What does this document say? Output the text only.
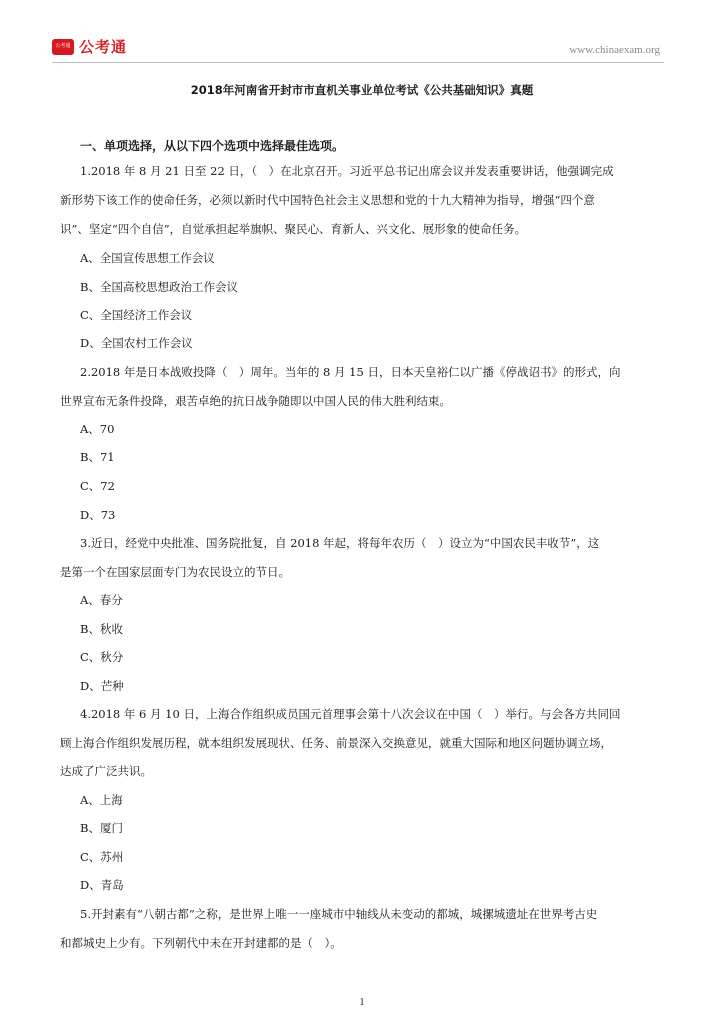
公考通 公考通	www.chinaexam.org
2018年河南省开封市市直机关事业单位考试《公共基础知识》真题
一、单项选择，从以下四个选项中选择最佳选项。
1.2018 年 8 月 21 日至 22 日，（　）在北京召开。习近平总书记出席会议并发表重要讲话，他强调完成
新形势下该工作的使命任务，必须以新时代中国特色社会主义思想和党的十九大精神为指导，增强“四个意
识”、坚定“四个自信”，自觉承担起举旗帜、聚民心、育新人、兴文化、展形象的使命任务。
A、全国宣传思想工作会议
B、全国高校思想政治工作会议
C、全国经济工作会议
D、全国农村工作会议
2.2018 年是日本战败投降（　）周年。当年的 8 月 15 日，日本天皇裕仁以广播《停战诏书》的形式，向
世界宣布无条件投降，艰苦卓绝的抗日战争随即以中国人民的伟大胜利结束。
A、70
B、71
C、72
D、73
3.近日，经党中央批准、国务院批复，自 2018 年起，将每年农历（　）设立为“中国农民丰收节”，这
是第一个在国家层面专门为农民设立的节日。
A、春分
B、秋收
C、秋分
D、芒种
4.2018 年 6 月 10 日，上海合作组织成员国元首理事会第十八次会议在中国（　）举行。与会各方共同回
顾上海合作组织发展历程，就本组织发展现状、任务、前景深入交换意见，就重大国际和地区问题协调立场，
达成了广泛共识。
A、上海
B、厦门
C、苏州
D、青岛
5.开封素有“八朝古都”之称，是世界上唯一一座城市中轴线从未变动的都城，城摞城遗址在世界考古史
和都城史上少有。下列朝代中未在开封建都的是（　）。
1
